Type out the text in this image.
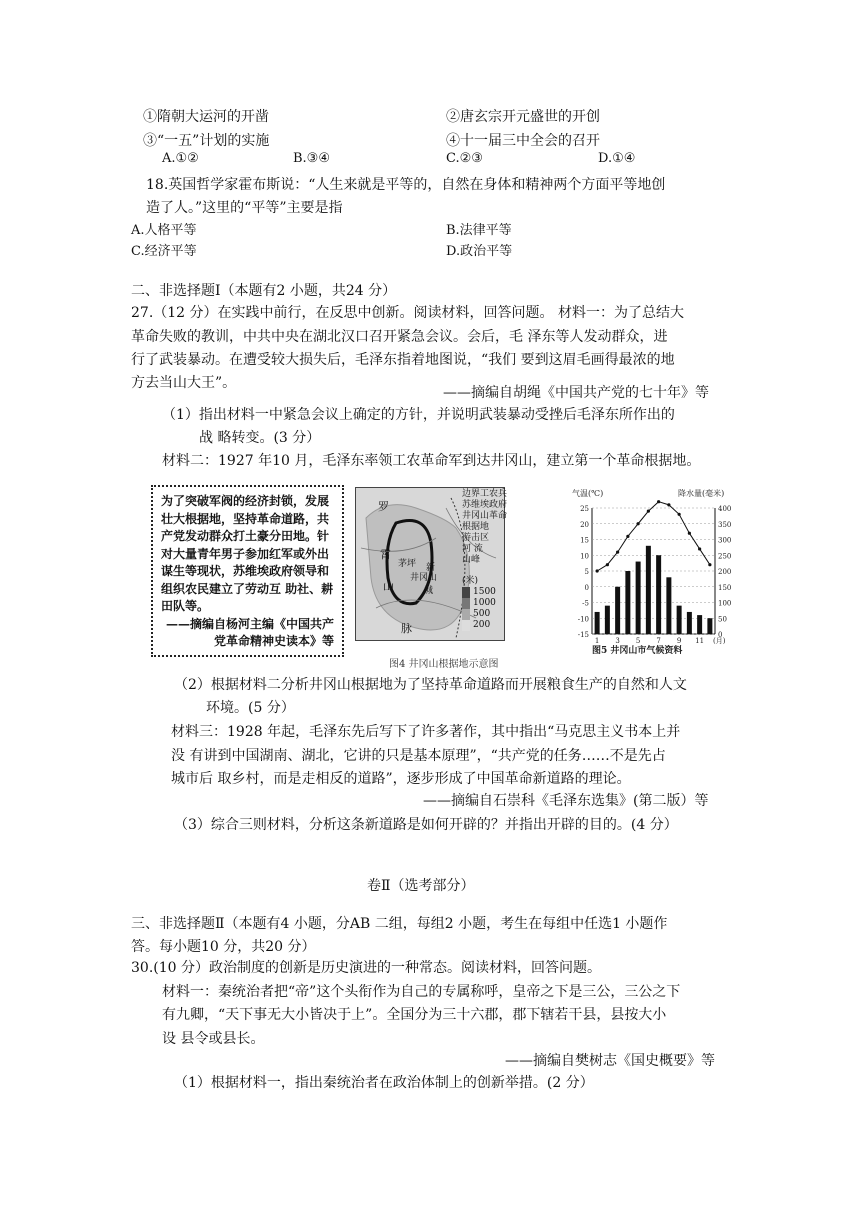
①隋朝大运河的开凿	②唐玄宗开元盛世的开创
③“一五”计划的实施	④十一届三中全会的召开
A.①②	B.③④	C.②③	D.①④
18.英国哲学家霍布斯说：“人生来就是平等的，自然在身体和精神两个方面平等地创
造了人。”这里的“平等”主要是指
A.人格平等	B.法律平等
C.经济平等	D.政治平等
二、非选择题Ⅰ（本题有2 小题，共24 分）
27.（12 分）在实践中前行，在反思中创新。阅读材料，回答问题。 材料一：为了总结大
革命失败的教训，中共中央在湖北汉口召开紧急会议。会后，毛 泽东等人发动群众，进
行了武装暴动。在遭受较大损失后，毛泽东指着地图说，“我们 要到这眉毛画得最浓的地
方去当山大王”。
——摘编自胡绳《中国共产党的七十年》等
（1）指出材料一中紧急会议上确定的方针，并说明武装暴动受挫后毛泽东所作出的
战 略转变。(3 分）
材料二：1927 年10 月，毛泽东率领工农革命军到达井冈山，建立第一个革命根据地。
为了突破军阀的经济封锁，发展壮大根据地，坚持革命道路，共产党发动群众打土豪分田地。针对大量青年男子参加红军或外出谋生等现状，苏维埃政府领导和组织农民建立了劳动互 助社、耕田队等。
——摘编自杨河主编《中国共产党革命精神史读本》等
罗
霄
山
脉
茅坪 新
城
井冈山
边界工农兵
苏维埃政府
井冈山革命
根据地
游击区
河 流
山峰
(米)
1500
1000
500
200
图4 井冈山根据地示意图
气温(℃)	降水量(毫米)
25
20
15
10
5
0
-5
-10
-15
400
350
300
250
200
150
100
50
0
1 3 5 7 9 11 (月)
图5 井冈山市气候资料
（2）根据材料二分析井冈山根据地为了坚持革命道路而开展粮食生产的自然和人文
环境。(5 分）
材料三：1928 年起，毛泽东先后写下了许多著作，其中指出“马克思主义书本上并
没 有讲到中国湖南、湖北，它讲的只是基本原理”，“共产党的任务……不是先占
城市后 取乡村，而是走相反的道路”，逐步形成了中国革命新道路的理论。
——摘编自石崇科《毛泽东选集》(第二版）等
（3）综合三则材料，分析这条新道路是如何开辟的？并指出开辟的目的。(4 分）
卷Ⅱ（选考部分）
三、非选择题Ⅱ（本题有4 小题，分AB 二组，每组2 小题，考生在每组中任选1 小题作
答。每小题10 分，共20 分）
30.(10 分）政治制度的创新是历史演进的一种常态。阅读材料，回答问题。
材料一：秦统治者把“帝”这个头衔作为自己的专属称呼，皇帝之下是三公，三公之下
有九卿，“天下事无大小皆决于上”。全国分为三十六郡，郡下辖若干县，县按大小
设 县令或县长。
——摘编自樊树志《国史概要》等
（1）根据材料一，指出秦统治者在政治体制上的创新举措。(2 分）
